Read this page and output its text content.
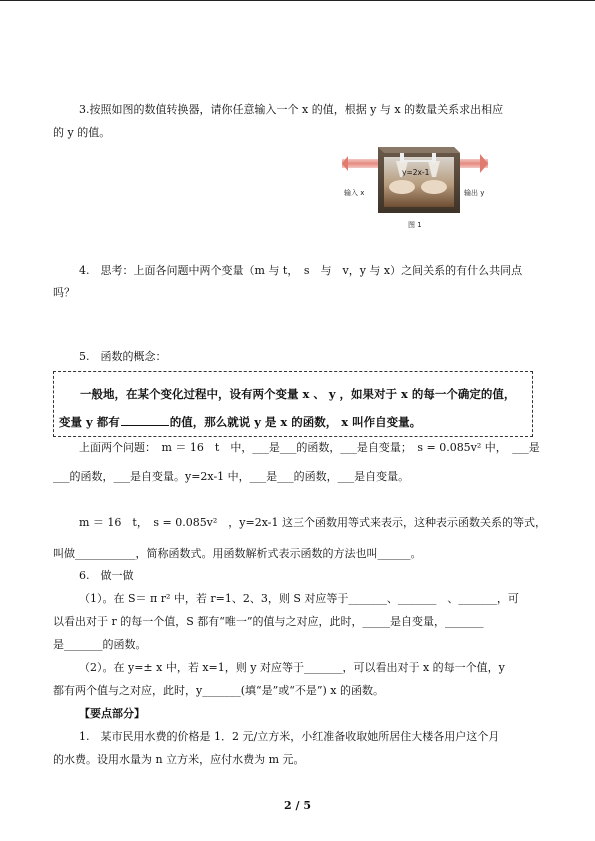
3.按照如图的数值转换器，请你任意输入一个 x 的值，根据 y 与 x 的数量关系求出相应
的 y 的值。
y=2x-1
输入 x	输出 y
图 1
4.　思考：上面各问题中两个变量（m 与 t，　s　与　v，y 与 x）之间关系的有什么共同点
吗？
5.　函数的概念：
一般地，在某个变化过程中，设有两个变量 x 、 y ，如果对于 x 的每一个确定的值，
变量 y 都有	的值，那么就说 y 是 x 的函数， x 叫作自变量。
上面两个问题：　m ＝ 16　t　中，___是___的函数，___是自变量；　s = 0.085v² 中，　___是
___的函数，___是自变量。y=2x-1 中，___是___的函数，___是自变量。
m ＝ 16　t，　s = 0.085v²　，y=2x-1 这三个函数用等式来表示，这种表示函数关系的等式，
叫做___________，简称函数式。用函数解析式表示函数的方法也叫______。
6.　做一做
（1）。在 S＝ π r² 中，若 r=1、2、3，则 S 对应等于_______、_______　、_______，可
以看出对于 r 的每一个值，S 都有“唯一”的值与之对应，此时，_____是自变量，_______
是_______的函数。
（2）。在 y=± x 中，若 x=1，则 y 对应等于_______，可以看出对于 x 的每一个值，y
都有两个值与之对应，此时，y_______(填“是”或“不是”) x 的函数。
【要点部分】
1.　某市民用水费的价格是 1．2 元/立方米，小红准备收取她所居住大楼各用户这个月
的水费。设用水量为 n 立方米，应付水费为 m 元。
2 / 5
